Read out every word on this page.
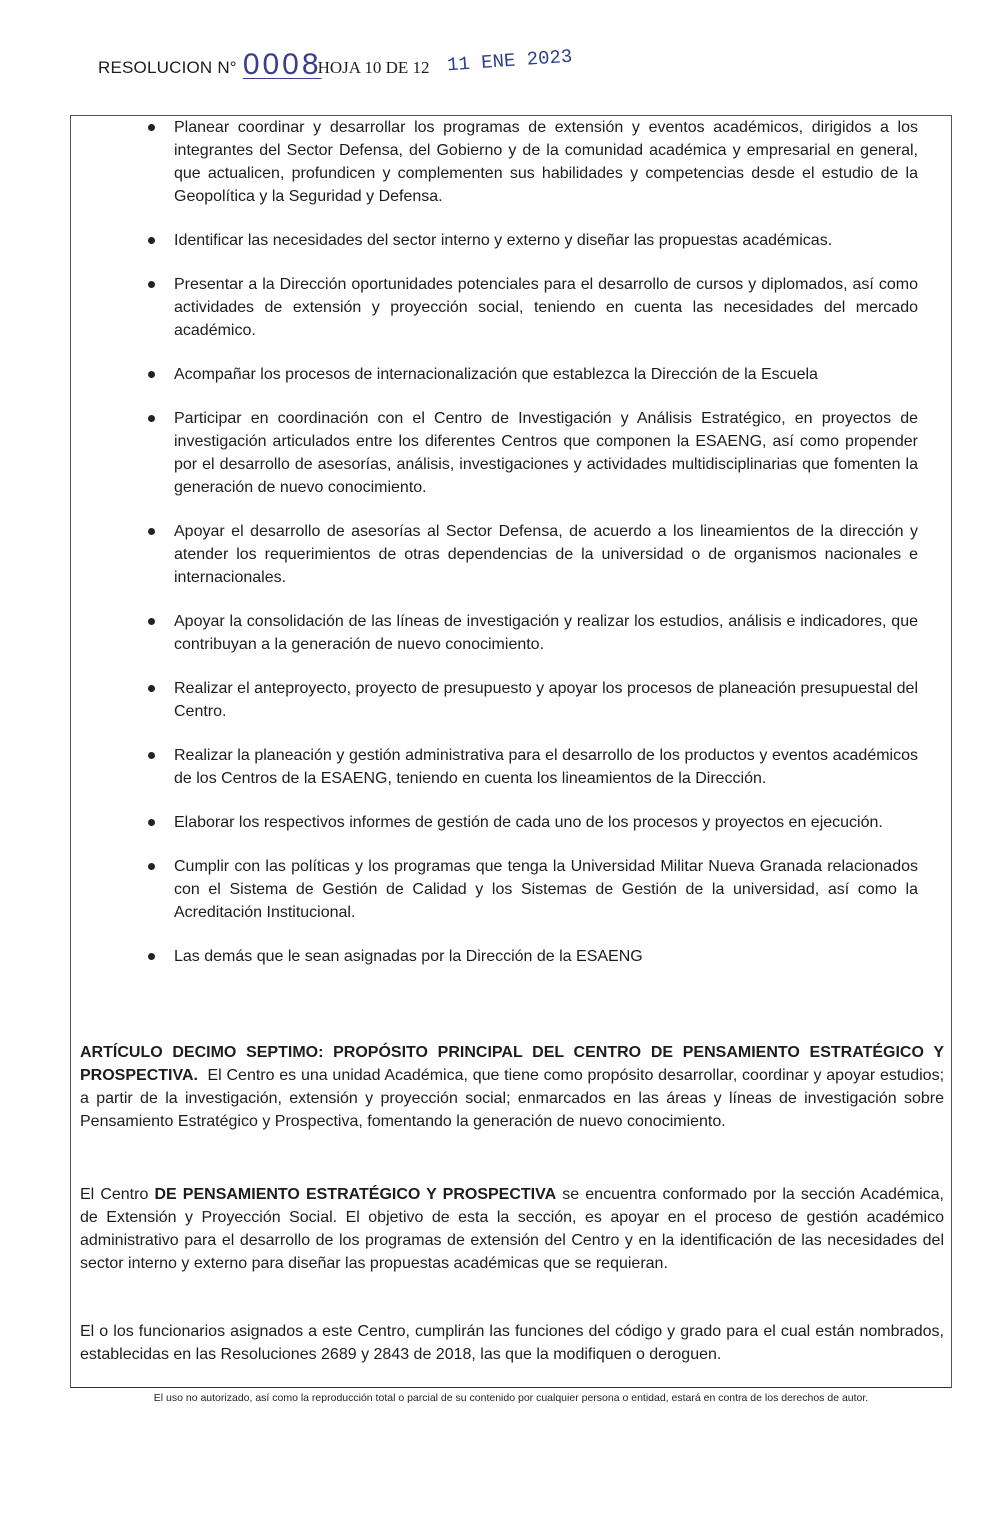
RESOLUCION N° 0008
HOJA 10 DE 12 11 ENE 2023
Planear coordinar y desarrollar los programas de extensión y eventos académicos, dirigidos a los integrantes del Sector Defensa, del Gobierno y de la comunidad académica y empresarial en general, que actualicen, profundicen y complementen sus habilidades y competencias desde el estudio de la Geopolítica y la Seguridad y Defensa.
Identificar las necesidades del sector interno y externo y diseñar las propuestas académicas.
Presentar a la Dirección oportunidades potenciales para el desarrollo de cursos y diplomados, así como actividades de extensión y proyección social, teniendo en cuenta las necesidades del mercado académico.
Acompañar los procesos de internacionalización que establezca la Dirección de la Escuela
Participar en coordinación con el Centro de Investigación y Análisis Estratégico, en proyectos de investigación articulados entre los diferentes Centros que componen la ESAENG, así como propender por el desarrollo de asesorías, análisis, investigaciones y actividades multidisciplinarias que fomenten la generación de nuevo conocimiento.
Apoyar el desarrollo de asesorías al Sector Defensa, de acuerdo a los lineamientos de la dirección y atender los requerimientos de otras dependencias de la universidad o de organismos nacionales e internacionales.
Apoyar la consolidación de las líneas de investigación y realizar los estudios, análisis e indicadores, que contribuyan a la generación de nuevo conocimiento.
Realizar el anteproyecto, proyecto de presupuesto y apoyar los procesos de planeación presupuestal del Centro.
Realizar la planeación y gestión administrativa para el desarrollo de los productos y eventos académicos de los Centros de la ESAENG, teniendo en cuenta los lineamientos de la Dirección.
Elaborar los respectivos informes de gestión de cada uno de los procesos y proyectos en ejecución.
Cumplir con las políticas y los programas que tenga la Universidad Militar Nueva Granada relacionados con el Sistema de Gestión de Calidad y los Sistemas de Gestión de la universidad, así como la Acreditación Institucional.
Las demás que le sean asignadas por la Dirección de la ESAENG

ARTÍCULO DECIMO SEPTIMO: PROPÓSITO PRINCIPAL DEL CENTRO DE PENSAMIENTO ESTRATÉGICO Y PROSPECTIVA. El Centro es una unidad Académica, que tiene como propósito desarrollar, coordinar y apoyar estudios; a partir de la investigación, extensión y proyección social; enmarcados en las áreas y líneas de investigación sobre Pensamiento Estratégico y Prospectiva, fomentando la generación de nuevo conocimiento.

El Centro DE PENSAMIENTO ESTRATÉGICO Y PROSPECTIVA se encuentra conformado por la sección Académica, de Extensión y Proyección Social. El objetivo de esta la sección, es apoyar en el proceso de gestión académico administrativo para el desarrollo de los programas de extensión del Centro y en la identificación de las necesidades del sector interno y externo para diseñar las propuestas académicas que se requieran.

El o los funcionarios asignados a este Centro, cumplirán las funciones del código y grado para el cual están nombrados, establecidas en las Resoluciones 2689 y 2843 de 2018, las que la modifiquen o deroguen.

El uso no autorizado, así como la reproducción total o parcial de su contenido por cualquier persona o entidad, estará en contra de los derechos de autor.
